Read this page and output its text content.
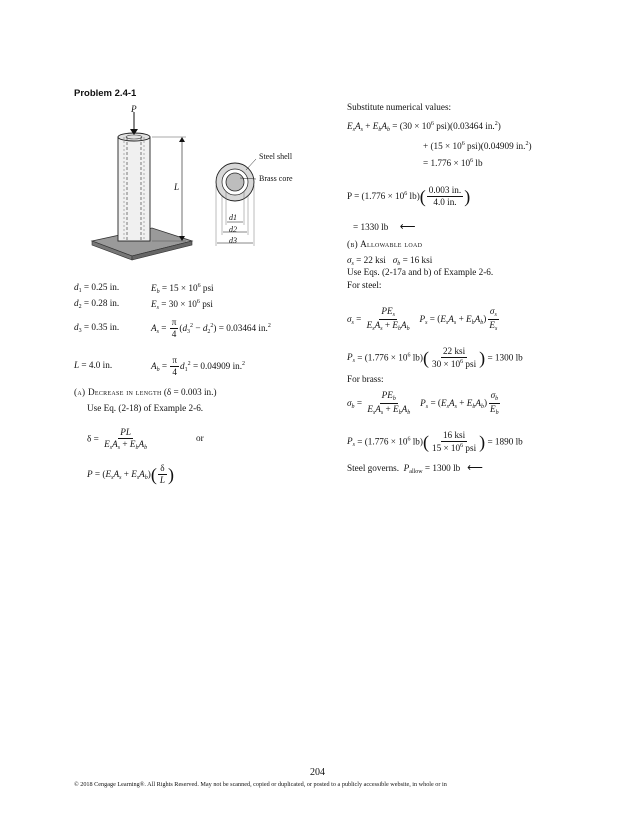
Problem 2.4-1
P
L
Steel shell
Brass core
d1
d2
d3
$d_1 = 0.25$ in.	$E_b = 15 \times 10^6$ psi
$d_2 = 0.28$ in.	$E_s = 30 \times 10^6$ psi
$d_3 = 0.35$ in.	$A_s = \frac{\pi}{4} (d_3^2 - d_2^2) = 0.03464$ in.$^2$
L = 4.0 in.	$A_b = \frac{\pi}{4} d_1^2 = 0.04909$ in.$^2$
(a) Decrease in length (δ = 0.003 in.)
Use Eq. (2-18) of Example 2-6.
$\delta = \frac{PL}{E_sA_s + E_bA_b}$	or
$P = (E_sA_s + E_sA_b)( \frac{\delta}{L}$ )
Substitute numerical values:
$E_sA_s + E_bA_b = (30 \times 10^6$ psi)(0.03464 in.$^2$)
+ ($15 \times 10^6$ psi)(0.04909 in.$^2$)
= $1.776 \times 10^6$ lb
$P = (1.776 \times 10^6$ $lb)( \frac{0.003 in.}{4.0 in.}$ )
= 1330 lb ⟵
(b) Allowable load
$\sigma_s = 22$ ksi $\sigma_b = 16$ ksi
Use Eqs. (2-17a and b) of Example 2-6.
For steel:
$\sigma_s = \frac{PE_s}{E_sA_s + E_bA_b} P_s = (E_sA_s + E_bA_b) \frac{\sigma_s}{E_s}$
$P_s = (1.776 \times 10^6$ $lb)( \frac{\text{22 ksi}}{30 \times 10^6 psi}$ ) = 1300 lb
For brass:
$\sigma_b = \frac{PE_b}{E_sA_s + E_bA_b} P_s = (E_sA_s + E_bA_b) \frac{\sigma_b}{E_b}$
$P_s = (1.776 \times 10^6$ $lb)( \frac{\text{16 ksi}}{15 \times 10^6 psi}$ ) = 1890 lb
Steel governs. $P_{allow} = 1300$ lb ⟵
204
© 2018 Cengage Learning®. All Rights Reserved. May not be scanned, copied or duplicated, or posted to a publicly accessible website, in whole or in
